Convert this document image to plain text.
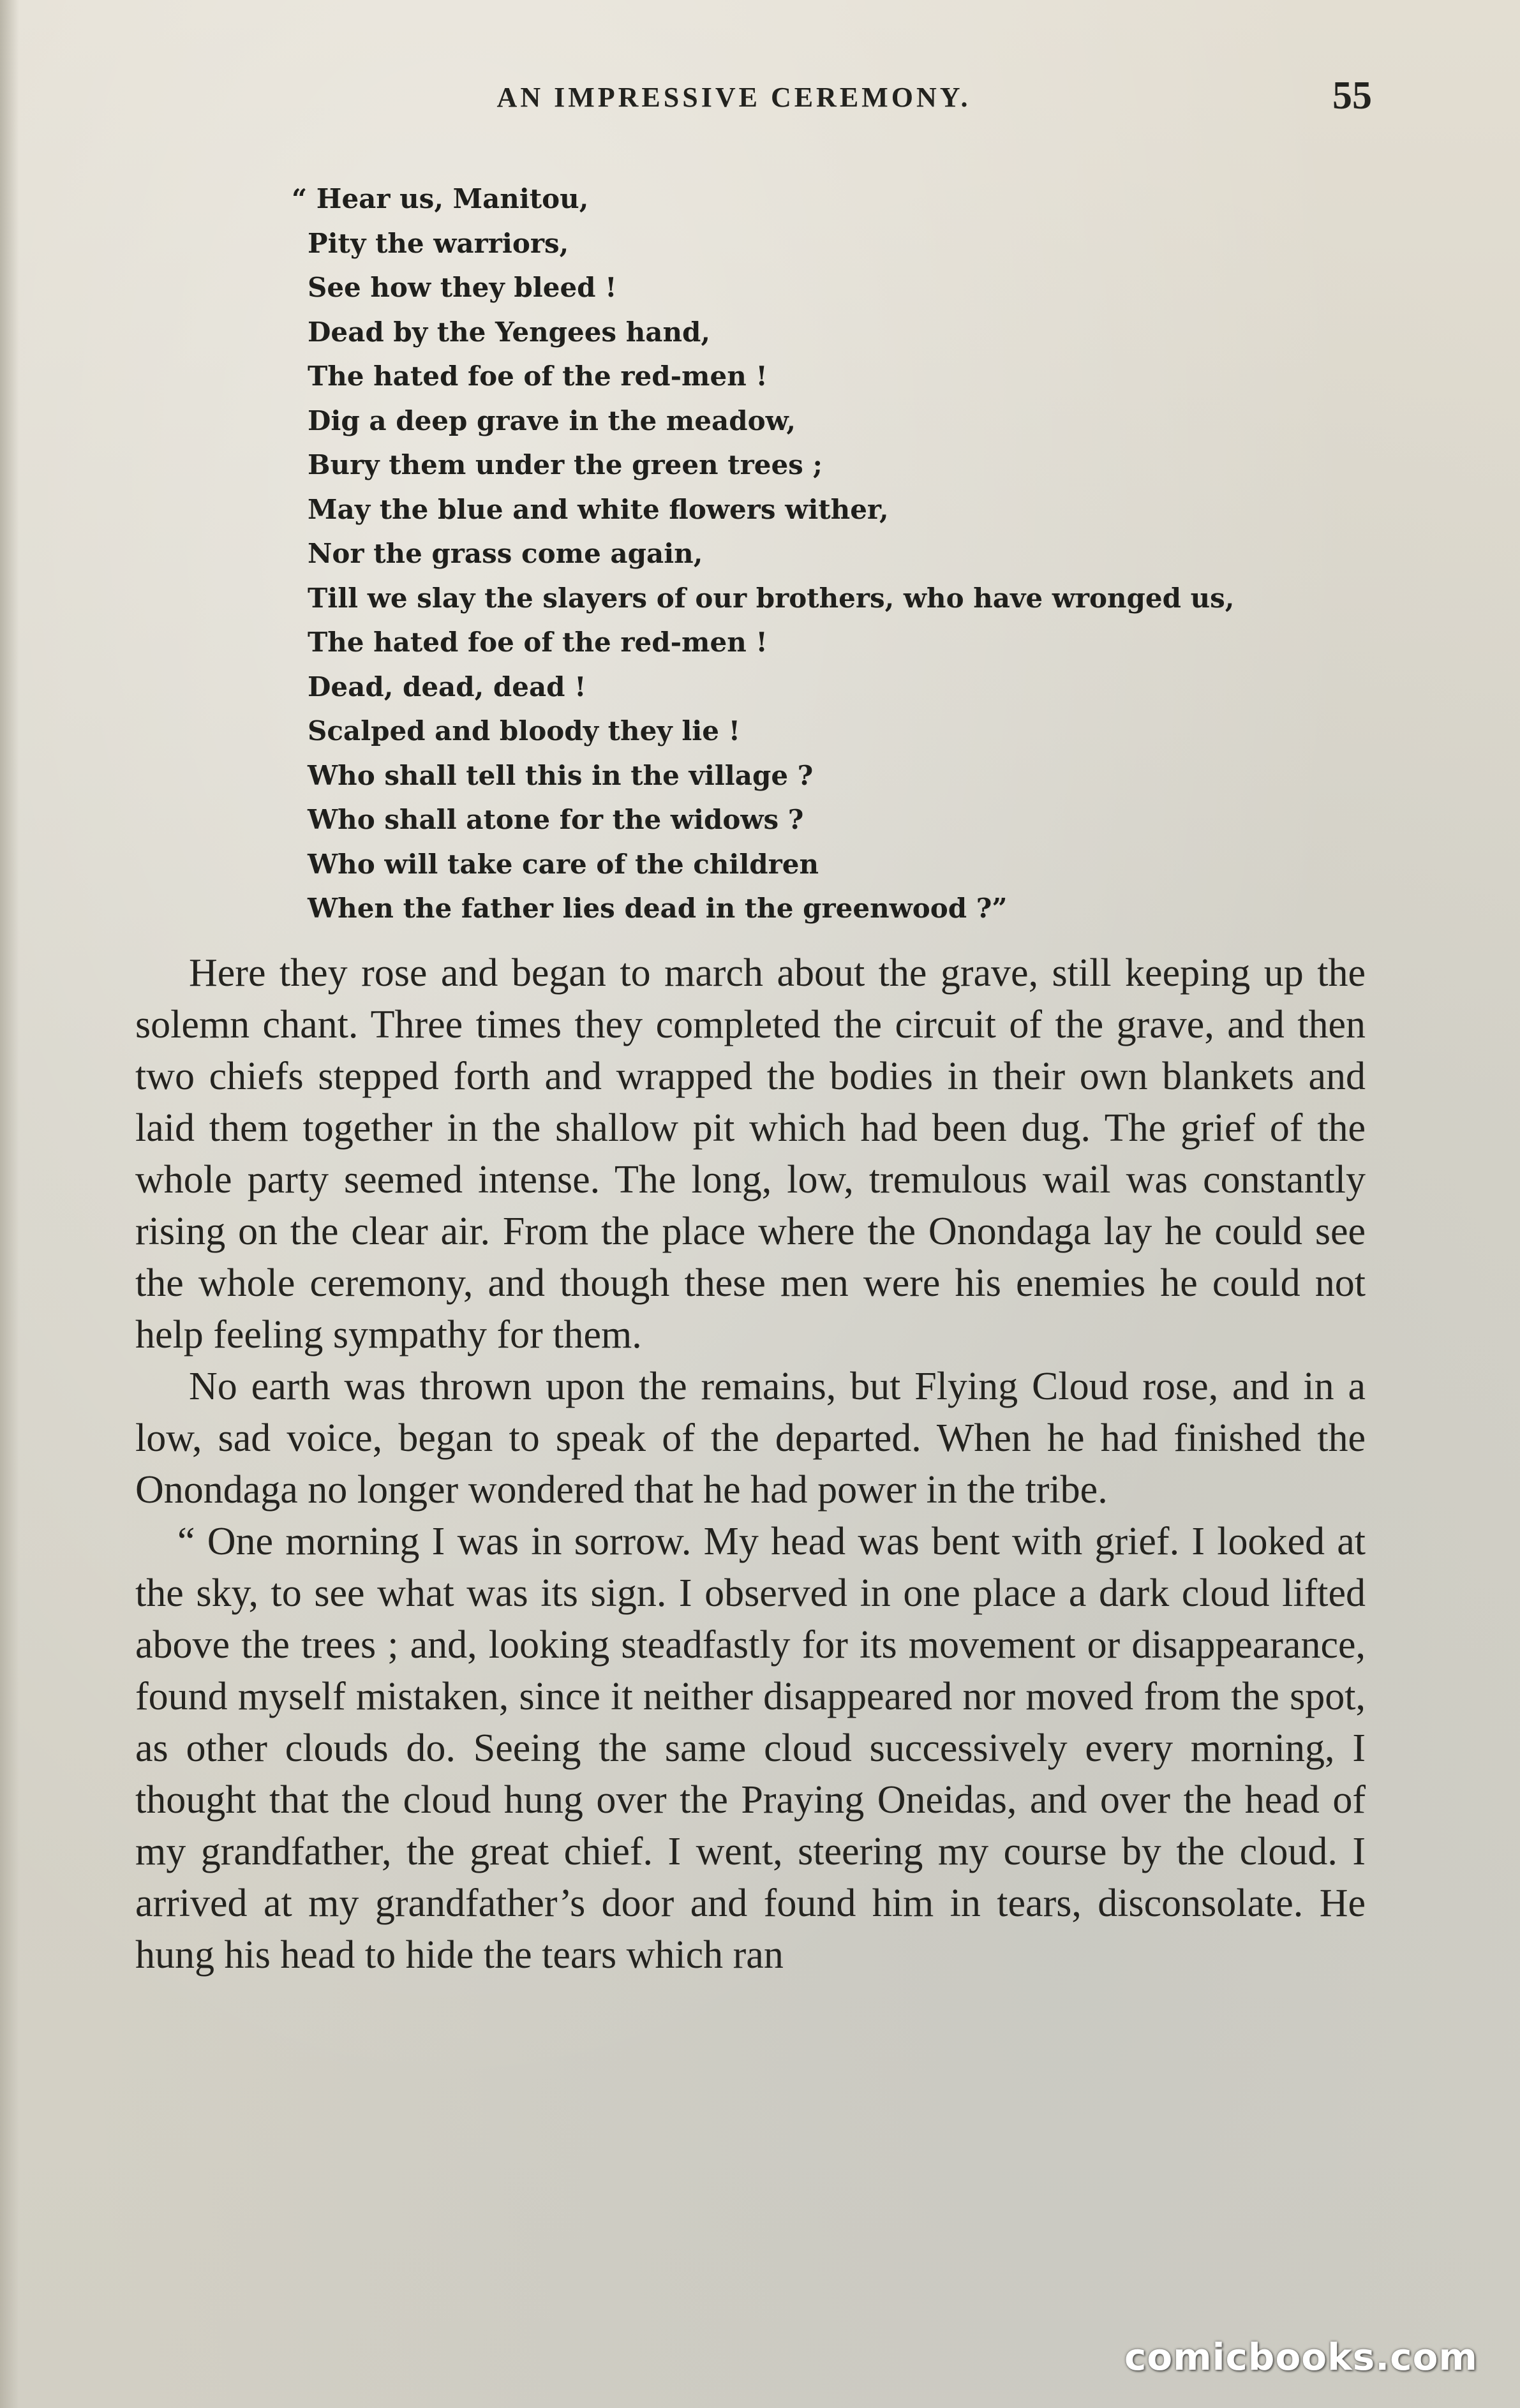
AN IMPRESSIVE CEREMONY.	55
“ Hear us, Manitou,
Pity the warriors,
See how they bleed !
Dead by the Yengees hand,
The hated foe of the red-men !
Dig a deep grave in the meadow,
Bury them under the green trees ;
May the blue and white flowers wither,
Nor the grass come again,
Till we slay the slayers of our brothers, who have wronged us,
The hated foe of the red-men !
Dead, dead, dead !
Scalped and bloody they lie !
Who shall tell this in the village ?
Who shall atone for the widows ?
Who will take care of the children
When the father lies dead in the greenwood ?”

Here they rose and began to march about the grave, still keeping up the solemn chant. Three times they completed the circuit of the grave, and then two chiefs stepped forth and wrapped the bodies in their own blankets and laid them together in the shallow pit which had been dug. The grief of the whole party seemed intense. The long, low, tremulous wail was constantly rising on the clear air. From the place where the Onondaga lay he could see the whole ceremony, and though these men were his enemies he could not help feeling sympathy for them.

No earth was thrown upon the remains, but Flying Cloud rose, and in a low, sad voice, began to speak of the departed. When he had finished the Onondaga no longer wondered that he had power in the tribe.

“ One morning I was in sorrow. My head was bent with grief. I looked at the sky, to see what was its sign. I observed in one place a dark cloud lifted above the trees ; and, looking steadfastly for its movement or disappearance, found myself mistaken, since it neither disappeared nor moved from the spot, as other clouds do. Seeing the same cloud successively every morning, I thought that the cloud hung over the Praying Oneidas, and over the head of my grandfather, the great chief. I went, steering my course by the cloud. I arrived at my grandfather’s door and found him in tears, disconsolate. He hung his head to hide the tears which ran

comicbooks.com
